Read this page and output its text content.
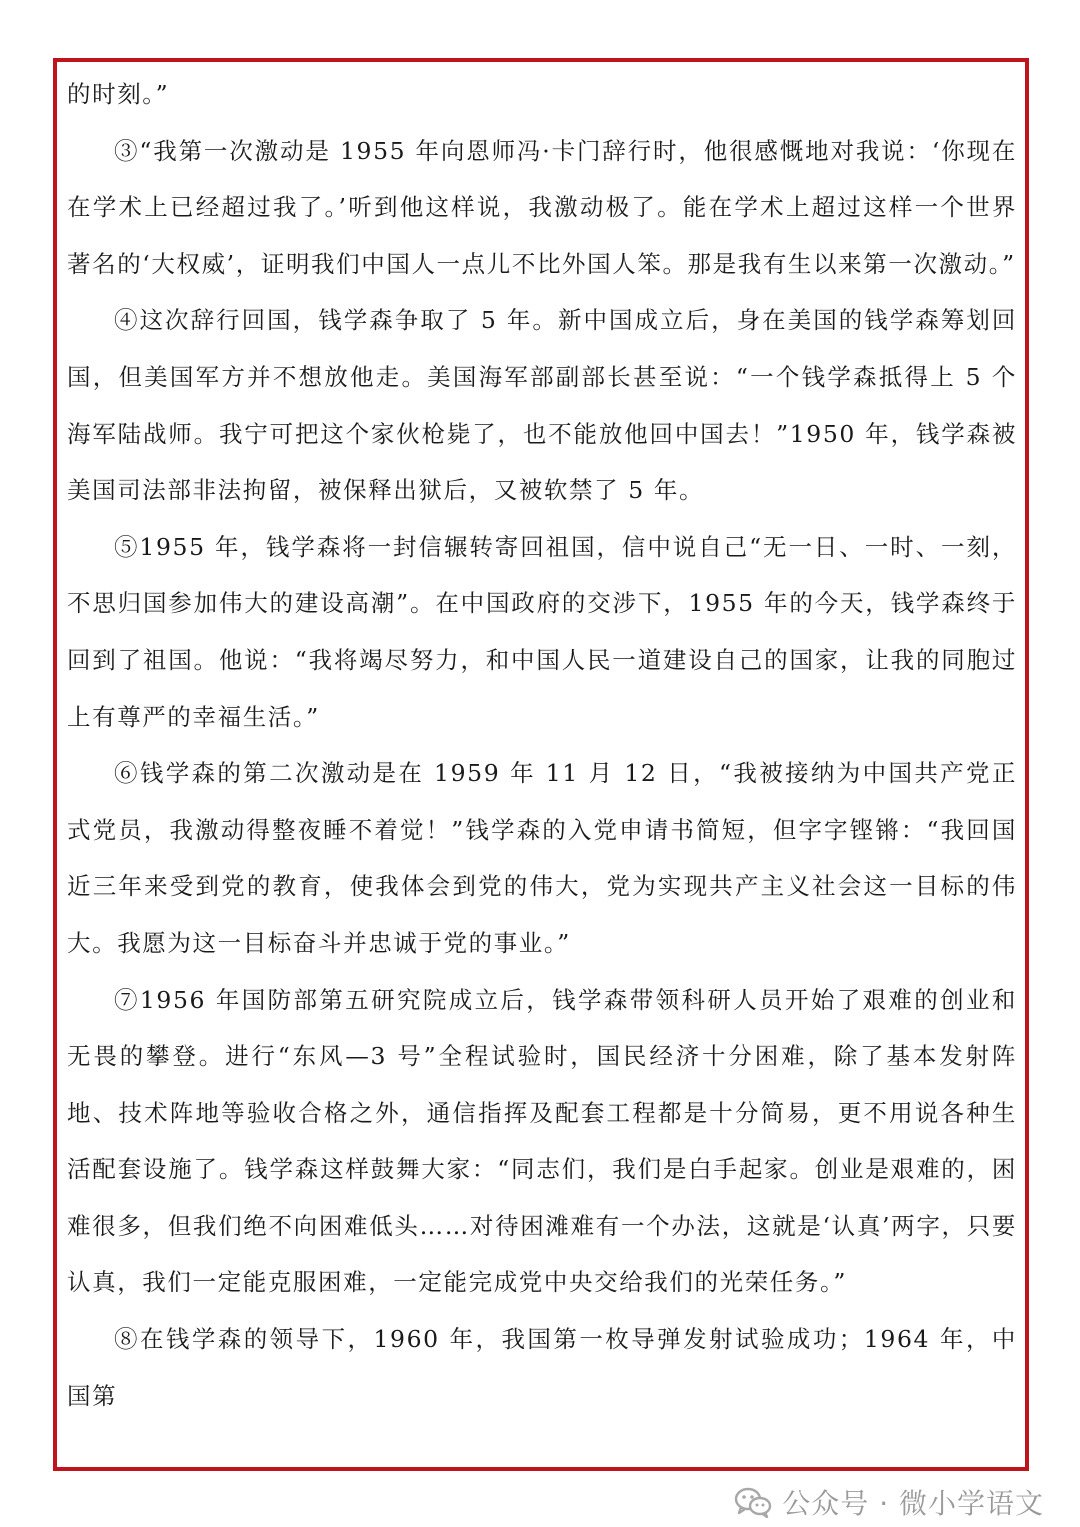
的时刻。”

③“我第一次激动是 1955 年向恩师冯·卡门辞行时，他很感慨地对我说：‘你现在在学术上已经超过我了。’听到他这样说，我激动极了。能在学术上超过这样一个世界著名的‘大权威’，证明我们中国人一点儿不比外国人笨。那是我有生以来第一次激动。”

④这次辞行回国，钱学森争取了 5 年。新中国成立后，身在美国的钱学森筹划回国，但美国军方并不想放他走。美国海军部副部长甚至说：“一个钱学森抵得上 5 个海军陆战师。我宁可把这个家伙枪毙了，也不能放他回中国去！”1950 年，钱学森被美国司法部非法拘留，被保释出狱后，又被软禁了 5 年。

⑤1955 年，钱学森将一封信辗转寄回祖国，信中说自己“无一日、一时、一刻，不思归国参加伟大的建设高潮”。在中国政府的交涉下，1955 年的今天，钱学森终于回到了祖国。他说：“我将竭尽努力，和中国人民一道建设自己的国家，让我的同胞过上有尊严的幸福生活。”

⑥钱学森的第二次激动是在 1959 年 11 月 12 日，“我被接纳为中国共产党正式党员，我激动得整夜睡不着觉！”钱学森的入党申请书简短，但字字铿锵：“我回国近三年来受到党的教育，使我体会到党的伟大，党为实现共产主义社会这一目标的伟大。我愿为这一目标奋斗并忠诚于党的事业。”

⑦1956 年国防部第五研究院成立后，钱学森带领科研人员开始了艰难的创业和无畏的攀登。进行“东风—3 号”全程试验时，国民经济十分困难，除了基本发射阵地、技术阵地等验收合格之外，通信指挥及配套工程都是十分简易，更不用说各种生活配套设施了。钱学森这样鼓舞大家：“同志们，我们是白手起家。创业是艰难的，困难很多，但我们绝不向困难低头……对待困滩难有一个办法，这就是‘认真’两字，只要认真，我们一定能克服困难，一定能完成党中央交给我们的光荣任务。”

⑧在钱学森的领导下，1960 年，我国第一枚导弹发射试验成功；1964 年，中国第

公众号 · 微小学语文
